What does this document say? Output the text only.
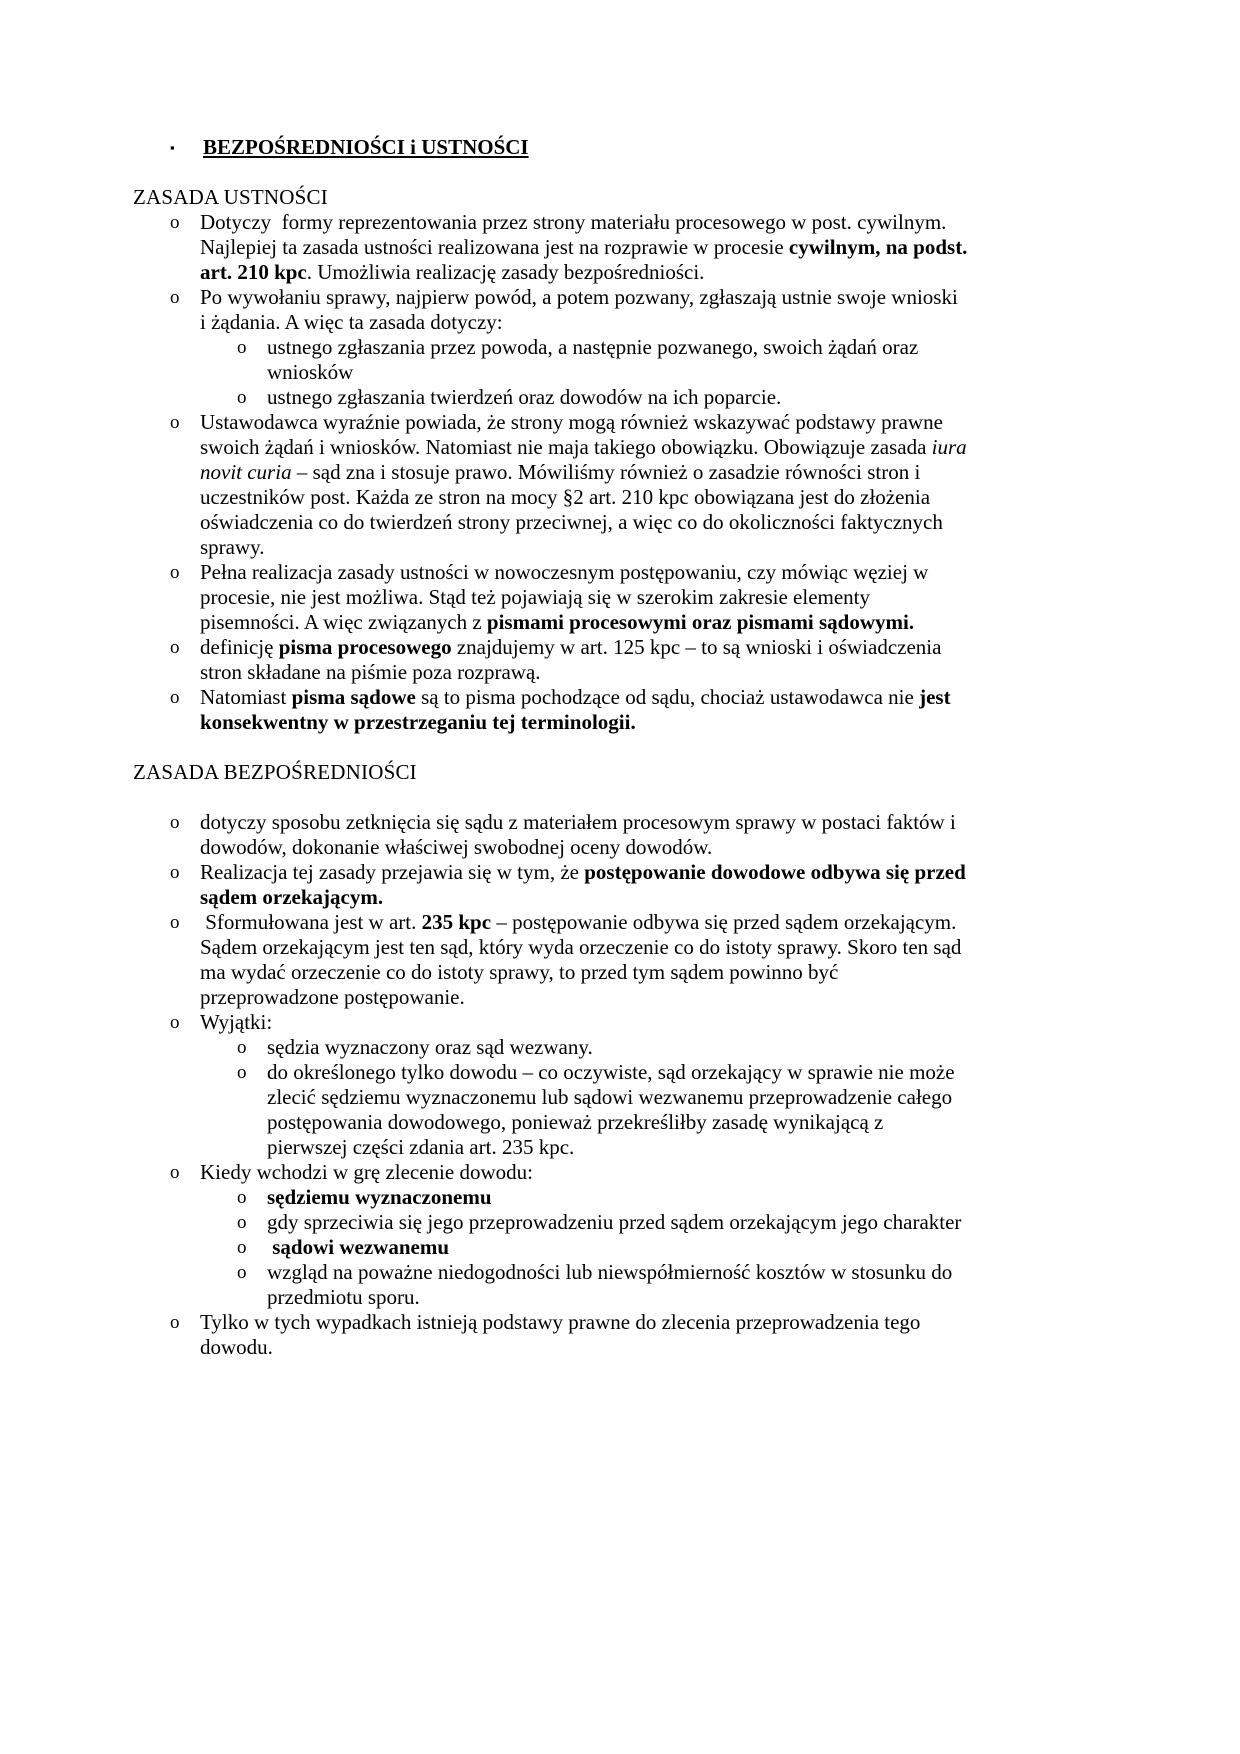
▪	BEZPOŚREDNIOŚCI i USTNOŚCI
ZASADA USTNOŚCI
o Dotyczy  formy reprezentowania przez strony materiału procesowego w post. cywilnym. Najlepiej ta zasada ustności realizowana jest na rozprawie w procesie cywilnym, na podst. art. 210 kpc. Umożliwia realizację zasady bezpośredniości.
o Po wywołaniu sprawy, najpierw powód, a potem pozwany, zgłaszają ustnie swoje wnioski i żądania. A więc ta zasada dotyczy:
o ustnego zgłaszania przez powoda, a następnie pozwanego, swoich żądań oraz wniosków
o ustnego zgłaszania twierdzeń oraz dowodów na ich poparcie.
o Ustawodawca wyraźnie powiada, że strony mogą również wskazywać podstawy prawne swoich żądań i wniosków. Natomiast nie maja takiego obowiązku. Obowiązuje zasada iura novit curia – sąd zna i stosuje prawo. Mówiliśmy również o zasadzie równości stron i uczestników post. Każda ze stron na mocy §2 art. 210 kpc obowiązana jest do złożenia oświadczenia co do twierdzeń strony przeciwnej, a więc co do okoliczności faktycznych sprawy.
o Pełna realizacja zasady ustności w nowoczesnym postępowaniu, czy mówiąc węziej w procesie, nie jest możliwa. Stąd też pojawiają się w szerokim zakresie elementy pisemności. A więc związanych z pismami procesowymi oraz pismami sądowymi.
o definicję pisma procesowego znajdujemy w art. 125 kpc – to są wnioski i oświadczenia stron składane na piśmie poza rozprawą.
o Natomiast pisma sądowe są to pisma pochodzące od sądu, chociaż ustawodawca nie jest konsekwentny w przestrzeganiu tej terminologii.
ZASADA BEZPOŚREDNIOŚCI
o dotyczy sposobu zetknięcia się sądu z materiałem procesowym sprawy w postaci faktów i dowodów, dokonanie właściwej swobodnej oceny dowodów.
o Realizacja tej zasady przejawia się w tym, że postępowanie dowodowe odbywa się przed sądem orzekającym.
o Sformułowana jest w art. 235 kpc – postępowanie odbywa się przed sądem orzekającym. Sądem orzekającym jest ten sąd, który wyda orzeczenie co do istoty sprawy. Skoro ten sąd ma wydać orzeczenie co do istoty sprawy, to przed tym sądem powinno być przeprowadzone postępowanie.
o Wyjątki:
o sędzia wyznaczony oraz sąd wezwany.
o do określonego tylko dowodu – co oczywiste, sąd orzekający w sprawie nie może zlecić sędziemu wyznaczonemu lub sądowi wezwanemu przeprowadzenie całego postępowania dowodowego, ponieważ przekreśliłby zasadę wynikającą z pierwszej części zdania art. 235 kpc.
o Kiedy wchodzi w grę zlecenie dowodu:
o sędziemu wyznaczonemu
o gdy sprzeciwia się jego przeprowadzeniu przed sądem orzekającym jego charakter
o sądowi wezwanemu
o wzgląd na poważne niedogodności lub niewspółmierność kosztów w stosunku do przedmiotu sporu.
o Tylko w tych wypadkach istnieją podstawy prawne do zlecenia przeprowadzenia tego dowodu.
